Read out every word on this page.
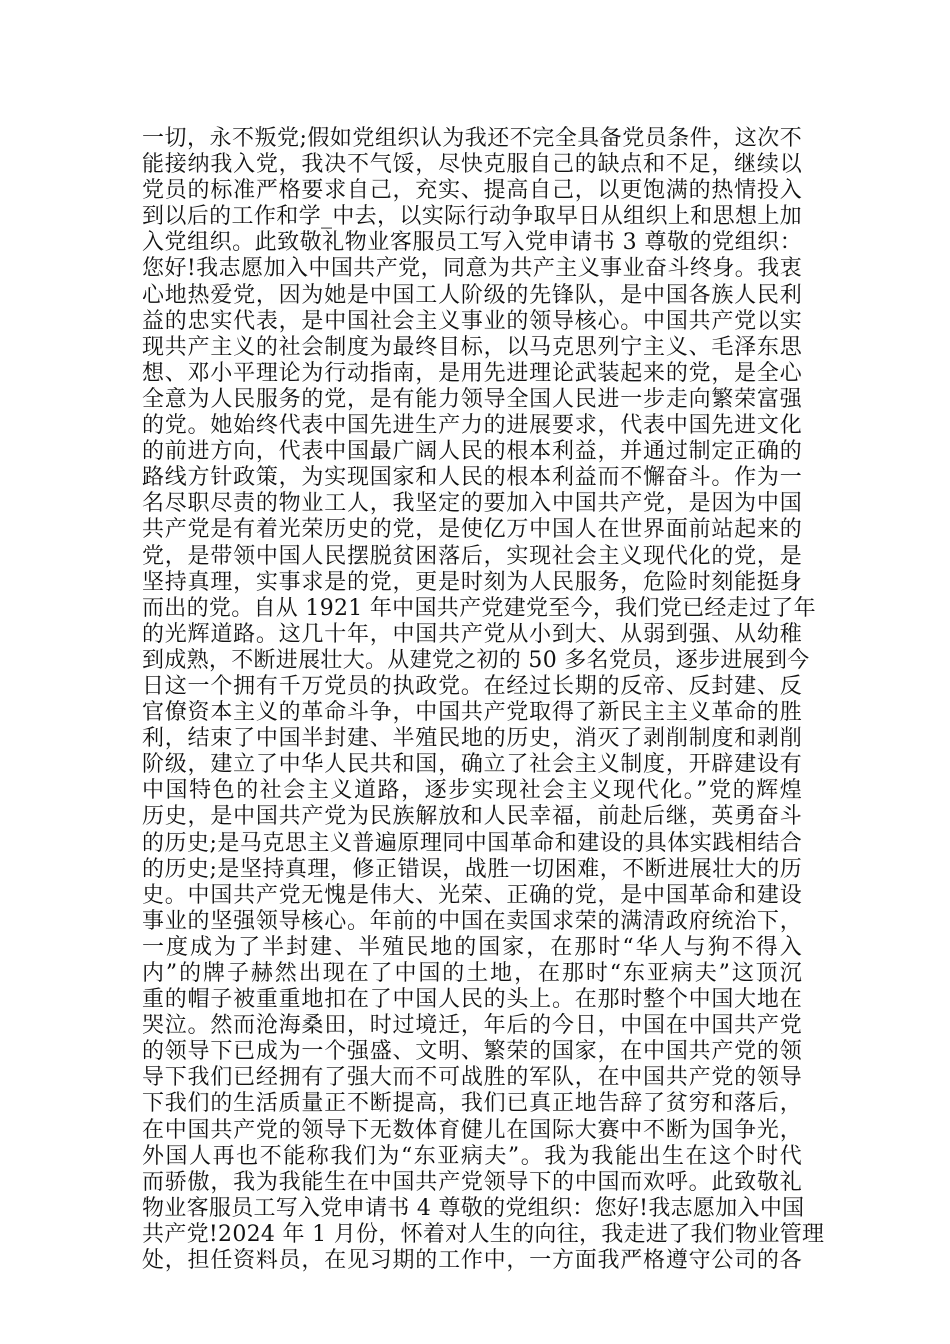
一切，永不叛党;假如党组织认为我还不完全具备党员条件，这次不
能接纳我入党，我决不气馁，尽快克服自己的缺点和不足，继续以
党员的标准严格要求自己，充实、提高自己，以更饱满的热情投入
到以后的工作和学_中去，以实际行动争取早日从组织上和思想上加
入党组织。此致敬礼物业客服员工写入党申请书 3 尊敬的党组织：
您好!我志愿加入中国共产党，同意为共产主义事业奋斗终身。我衷
心地热爱党，因为她是中国工人阶级的先锋队，是中国各族人民利
益的忠实代表，是中国社会主义事业的领导核心。中国共产党以实
现共产主义的社会制度为最终目标，以马克思列宁主义、毛泽东思
想、邓小平理论为行动指南，是用先进理论武装起来的党，是全心
全意为人民服务的党，是有能力领导全国人民进一步走向繁荣富强
的党。她始终代表中国先进生产力的进展要求，代表中国先进文化
的前进方向，代表中国最广阔人民的根本利益，并通过制定正确的
路线方针政策，为实现国家和人民的根本利益而不懈奋斗。作为一
名尽职尽责的物业工人，我坚定的要加入中国共产党，是因为中国
共产党是有着光荣历史的党，是使亿万中国人在世界面前站起来的
党，是带领中国人民摆脱贫困落后，实现社会主义现代化的党，是
坚持真理，实事求是的党，更是时刻为人民服务，危险时刻能挺身
而出的党。自从 1921 年中国共产党建党至今，我们党已经走过了年
的光辉道路。这几十年，中国共产党从小到大、从弱到强、从幼稚
到成熟，不断进展壮大。从建党之初的 50 多名党员，逐步进展到今
日这一个拥有千万党员的执政党。在经过长期的反帝、反封建、反
官僚资本主义的革命斗争，中国共产党取得了新民主主义革命的胜
利，结束了中国半封建、半殖民地的历史，消灭了剥削制度和剥削
阶级，建立了中华人民共和国，确立了社会主义制度，开辟建设有
中国特色的社会主义道路，逐步实现社会主义现代化。”党的辉煌
历史，是中国共产党为民族解放和人民幸福，前赴后继，英勇奋斗
的历史;是马克思主义普遍原理同中国革命和建设的具体实践相结合
的历史;是坚持真理，修正错误，战胜一切困难，不断进展壮大的历
史。中国共产党无愧是伟大、光荣、正确的党，是中国革命和建设
事业的坚强领导核心。年前的中国在卖国求荣的满清政府统治下，
一度成为了半封建、半殖民地的国家，在那时“华人与狗不得入
内”的牌子赫然出现在了中国的土地，在那时“东亚病夫”这顶沉
重的帽子被重重地扣在了中国人民的头上。在那时整个中国大地在
哭泣。然而沧海桑田，时过境迁，年后的今日，中国在中国共产党
的领导下已成为一个强盛、文明、繁荣的国家，在中国共产党的领
导下我们已经拥有了强大而不可战胜的军队，在中国共产党的领导
下我们的生活质量正不断提高，我们已真正地告辞了贫穷和落后，
在中国共产党的领导下无数体育健儿在国际大赛中不断为国争光，
外国人再也不能称我们为“东亚病夫”。我为我能出生在这个时代
而骄傲，我为我能生在中国共产党领导下的中国而欢呼。此致敬礼
物业客服员工写入党申请书 4 尊敬的党组织：您好!我志愿加入中国
共产党!2024 年 1 月份，怀着对人生的向往，我走进了我们物业管理
处，担任资料员，在见习期的工作中，一方面我严格遵守公司的各
